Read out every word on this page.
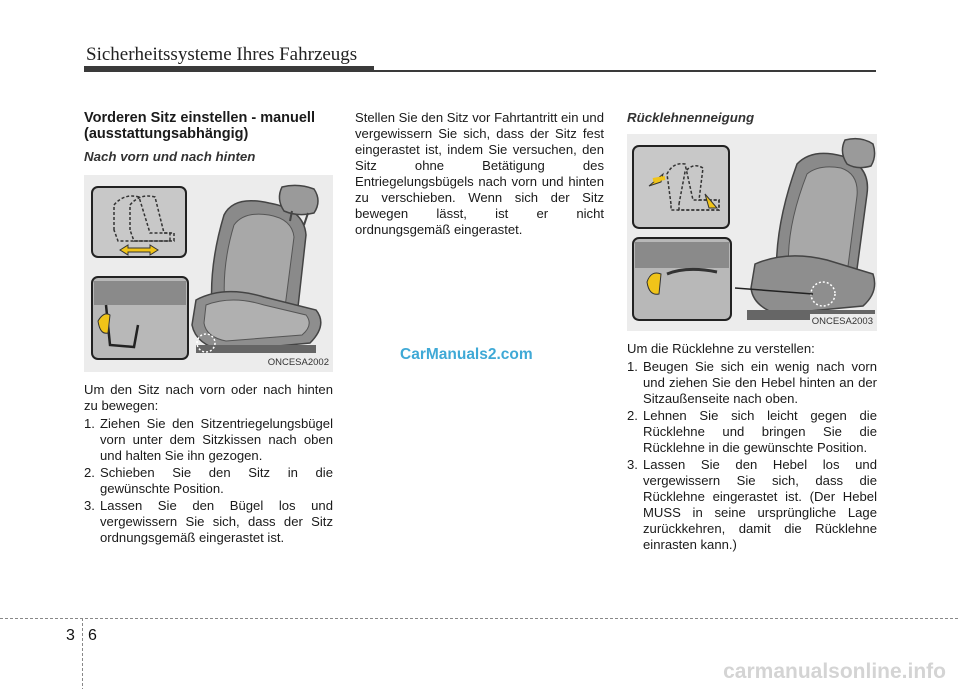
Sicherheitssysteme Ihres Fahrzeugs
Vorderen Sitz einstellen - manuell (ausstattungsabhängig)
Nach vorn und nach hinten
ONCESA2002

Um den Sitz nach vorn oder nach hinten zu bewegen:

1. Ziehen Sie den Sitzentriegelungsbügel vorn unter dem Sitzkissen nach oben und halten Sie ihn gezogen.
2. Schieben Sie den Sitz in die gewünschte Position.
3. Lassen Sie den Bügel los und vergewissern Sie sich, dass der Sitz ordnungsgemäß eingerastet ist.

Stellen Sie den Sitz vor Fahrtantritt ein und vergewissern Sie sich, dass der Sitz fest eingerastet ist, indem Sie versuchen, den Sitz ohne Betätigung des Entriegelungsbügels nach vorn und hinten zu verschieben. Wenn sich der Sitz bewegen lässt, ist er nicht ordnungsgemäß eingerastet.

Rücklehnenneigung
ONCESA2003

Um die Rücklehne zu verstellen:

1. Beugen Sie sich ein wenig nach vorn und ziehen Sie den Hebel hinten an der Sitzaußenseite nach oben.
2. Lehnen Sie sich leicht gegen die Rücklehne und bringen Sie die Rücklehne in die gewünschte Position.
3. Lassen Sie den Hebel los und vergewissern Sie sich, dass die Rücklehne eingerastet ist. (Der Hebel MUSS in seine ursprüngliche Lage zurückkehren, damit die Rücklehne einrasten kann.)
CarManuals2.com
3 6
carmanualsonline.info
